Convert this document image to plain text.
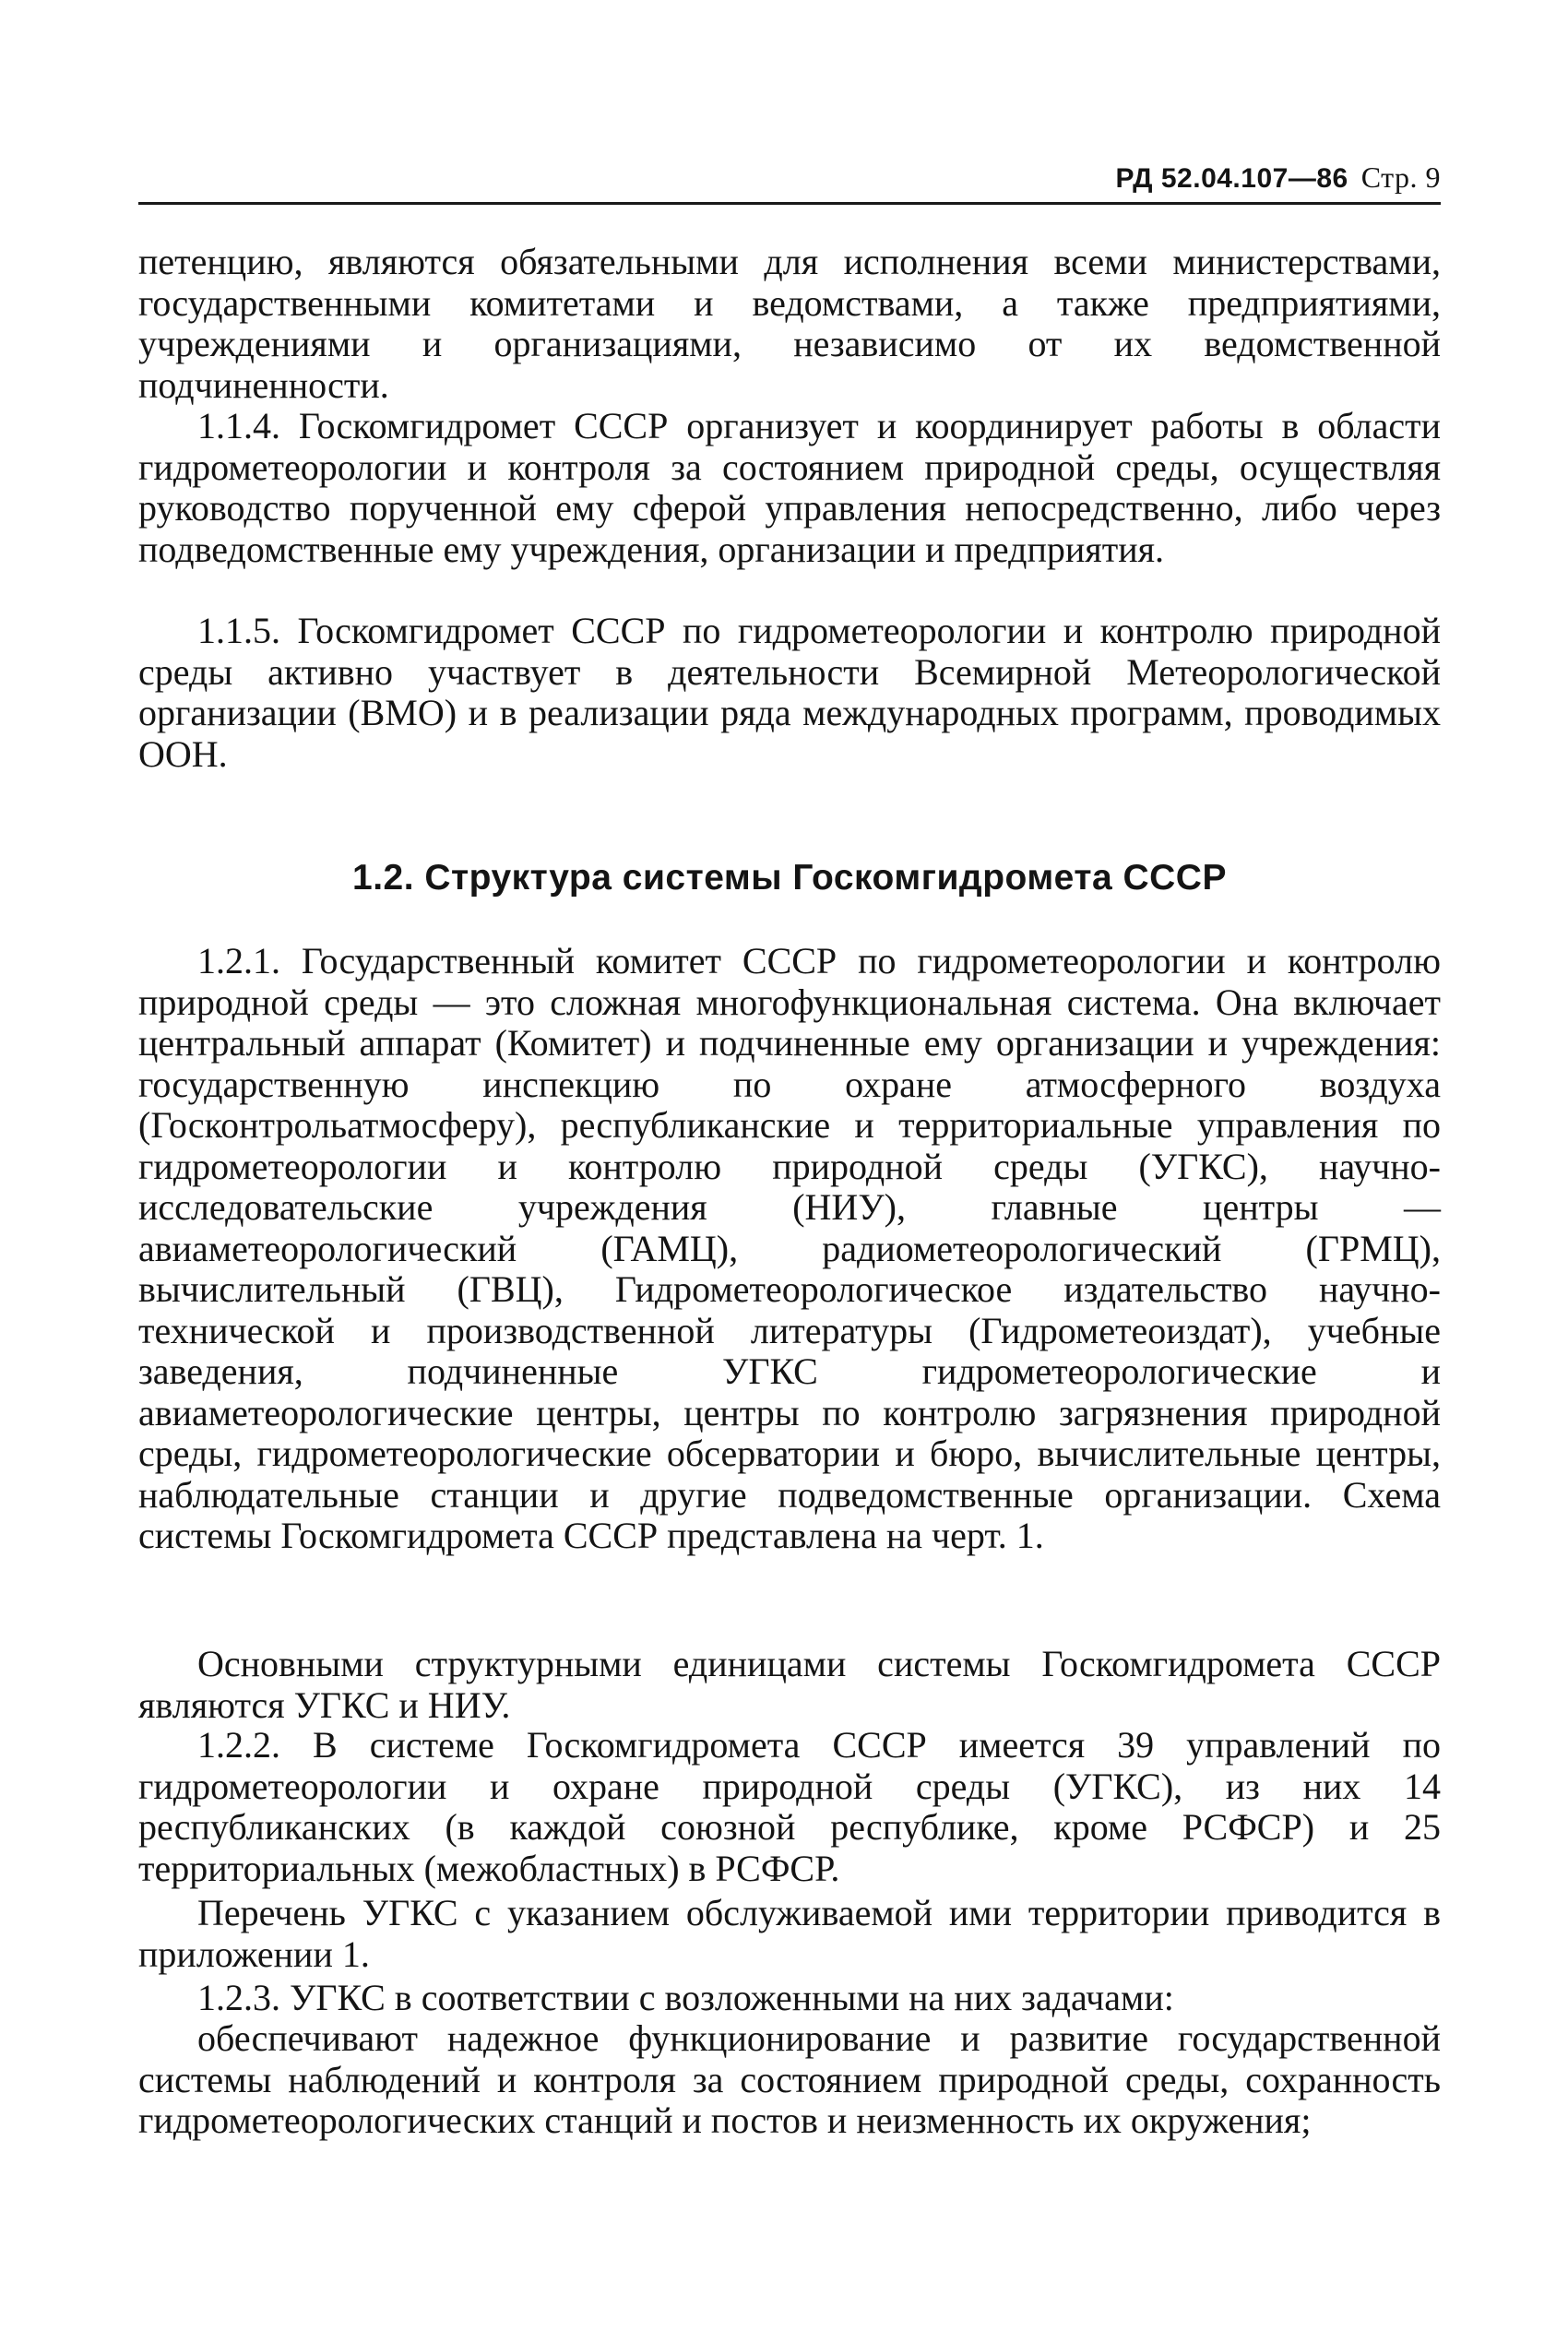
РД 52.04.107—86 Стр. 9

петенцию, являются обязательными для исполнения всеми министерствами, государственными комитетами и ведомствами, а также предприятиями, учреждениями и организациями, независимо от их ведомственной подчиненности.

1.1.4. Госкомгидромет СССР организует и координирует работы в области гидрометеорологии и контроля за состоянием природной среды, осуществляя руководство порученной ему сферой управления непосредственно, либо через подведомственные ему учреждения, организации и предприятия.

1.1.5. Госкомгидромет СССР по гидрометеорологии и контролю природной среды активно участвует в деятельности Всемирной Метеорологической организации (ВМО) и в реализации ряда международных программ, проводимых ООН.

1.2. Структура системы Госкомгидромета СССР

1.2.1. Государственный комитет СССР по гидрометеорологии и контролю природной среды — это сложная многофункциональная система. Она включает центральный аппарат (Комитет) и подчиненные ему организации и учреждения: государственную инспекцию по охране атмосферного воздуха (Госконтрольатмосферу), республиканские и территориальные управления по гидрометеорологии и контролю природной среды (УГКС), научно-исследовательские учреждения (НИУ), главные центры — авиаметеорологический (ГАМЦ), радиометеорологический (ГРМЦ), вычислительный (ГВЦ), Гидрометеорологическое издательство научно-технической и производственной литературы (Гидрометеоиздат), учебные заведения, подчиненные УГКС гидрометеорологические и авиаметеорологические центры, центры по контролю загрязнения природной среды, гидрометеорологические обсерватории и бюро, вычислительные центры, наблюдательные станции и другие подведомственные организации. Схема системы Госкомгидромета СССР представлена на черт. 1.

Основными структурными единицами системы Госкомгидромета СССР являются УГКС и НИУ.

1.2.2. В системе Госкомгидромета СССР имеется 39 управлений по гидрометеорологии и охране природной среды (УГКС), из них 14 республиканских (в каждой союзной республике, кроме РСФСР) и 25 территориальных (межобластных) в РСФСР.

Перечень УГКС с указанием обслуживаемой ими территории приводится в приложении 1.

1.2.3. УГКС в соответствии с возложенными на них задачами:

обеспечивают надежное функционирование и развитие государственной системы наблюдений и контроля за состоянием природной среды, сохранность гидрометеорологических станций и постов и неизменность их окружения;
